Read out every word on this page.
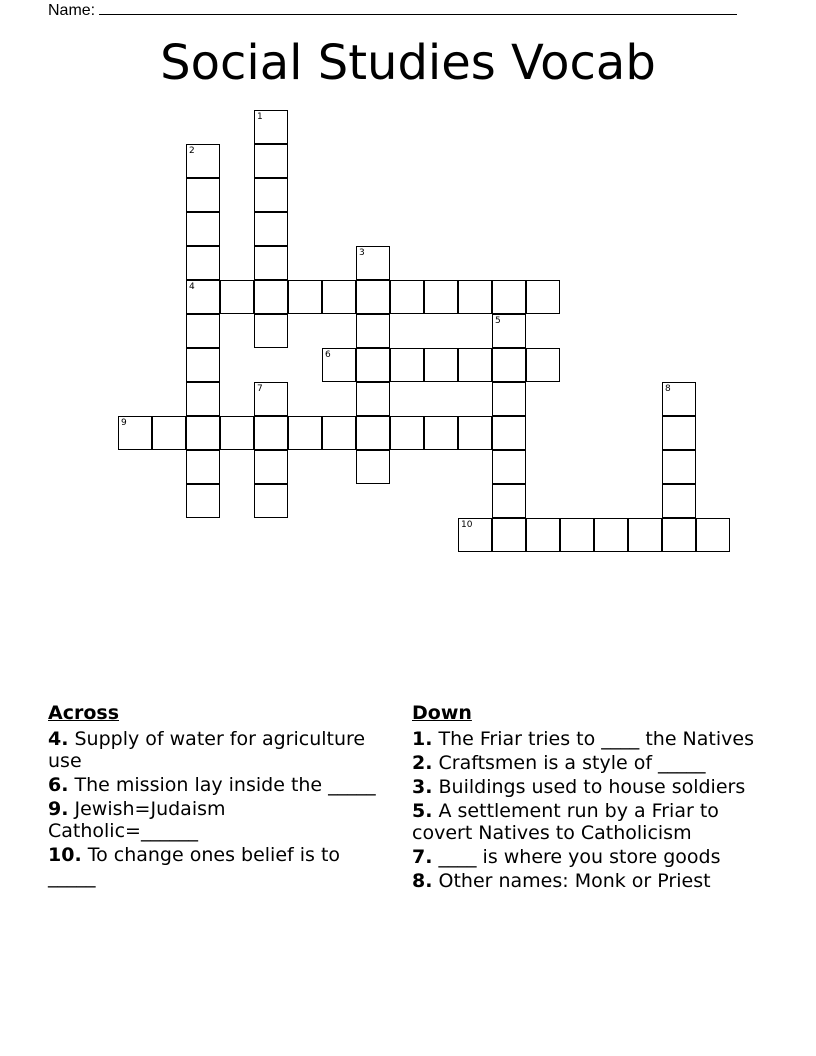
Name:
Social Studies Vocab
1
2
3
4
5
6
7	8
9
10
Across
4. Supply of water for agriculture use
6. The mission lay inside the _____
9. Jewish=Judaism
Catholic=______
10. To change ones belief is to _____
Down
1. The Friar tries to ____ the Natives
2. Craftsmen is a style of _____
3. Buildings used to house soldiers
5. A settlement run by a Friar to covert Natives to Catholicism
7. ____ is where you store goods
8. Other names: Monk or Priest
